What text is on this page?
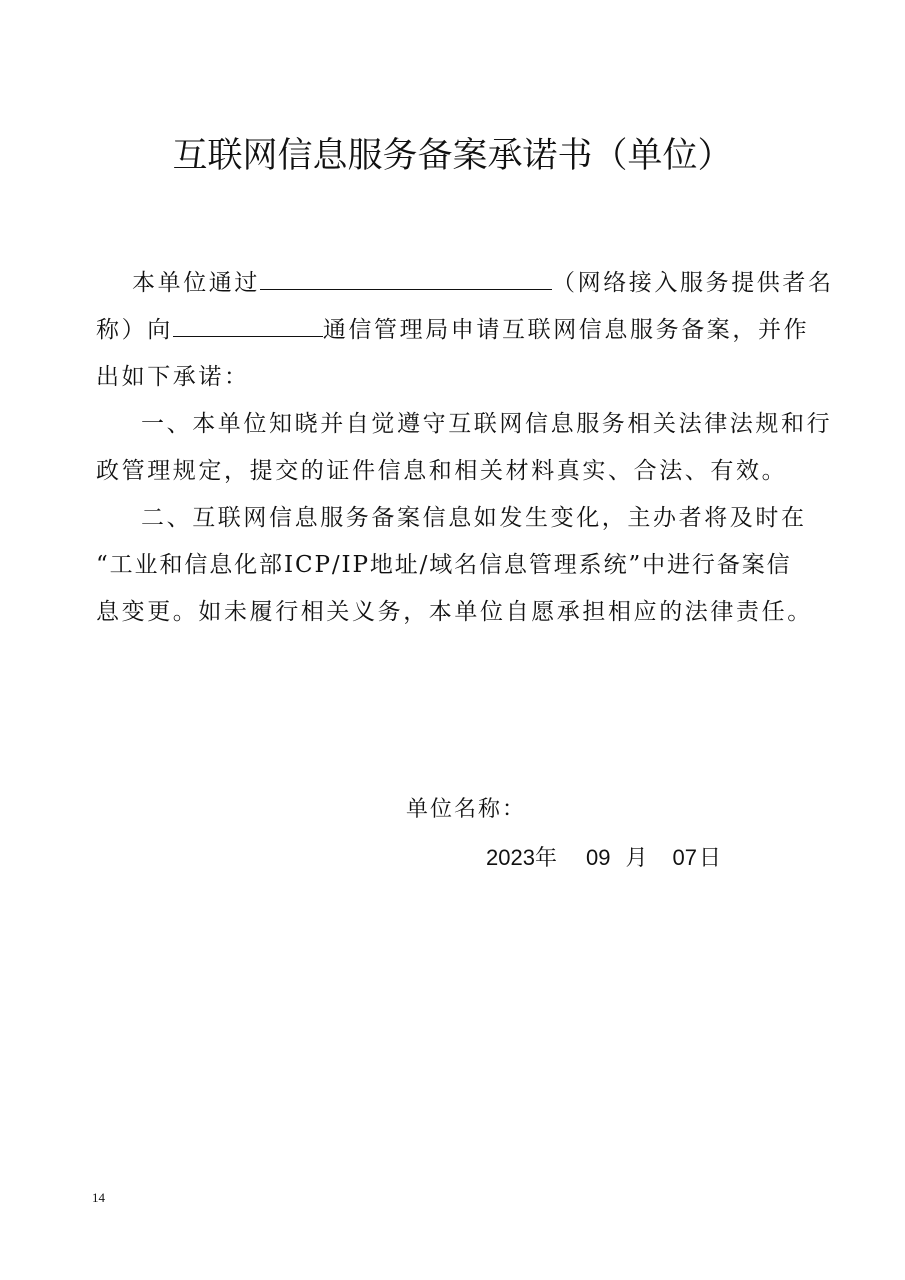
互联网信息服务备案承诺书（单位）
本单位通过	（网络接入服务提供者名
称）向	通信管理局申请互联网信息服务备案，并作
出如下承诺：
一、本单位知晓并自觉遵守互联网信息服务相关法律法规和行
政管理规定，提交的证件信息和相关材料真实、合法、有效。
二、互联网信息服务备案信息如发生变化，主办者将及时在
“工业和信息化部ICP/IP地址/域名信息管理系统”中进行备案信
息变更。如未履行相关义务，本单位自愿承担相应的法律责任。
单位名称：
2023年 09 月 07日
14
